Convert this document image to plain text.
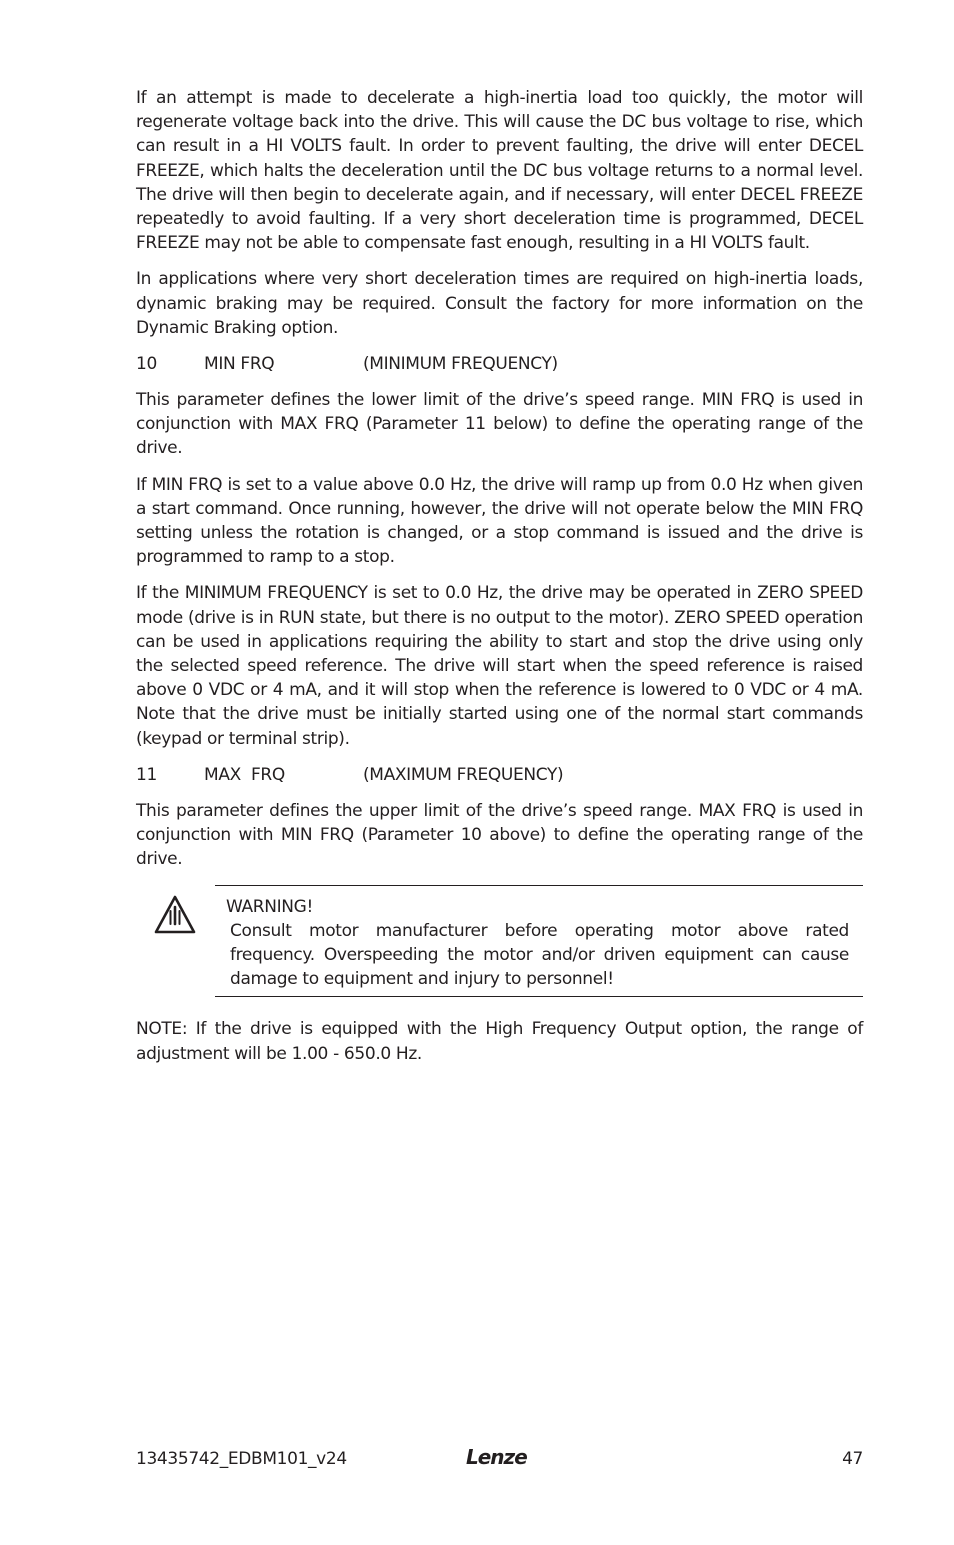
If an attempt is made to decelerate a high-inertia load too quickly, the motor will regenerate voltage back into the drive. This will cause the DC bus voltage to rise, which can result in a HI VOLTS fault. In order to prevent faulting, the drive will enter DECEL FREEZE, which halts the deceleration until the DC bus voltage returns to a normal level. The drive will then begin to decelerate again, and if necessary, will enter DECEL FREEZE repeatedly to avoid faulting. If a very short deceleration time is programmed, DECEL FREEZE may not be able to compensate fast enough, resulting in a HI VOLTS fault.

In applications where very short deceleration times are required on high-inertia loads, dynamic braking may be required. Consult the factory for more information on the Dynamic Braking option.

10	MIN FRQ	(MINIMUM FREQUENCY)

This parameter defines the lower limit of the drive’s speed range. MIN FRQ is used in conjunction with MAX FRQ (Parameter 11 below) to define the operating range of the drive.

If MIN FRQ is set to a value above 0.0 Hz, the drive will ramp up from 0.0 Hz when given a start command. Once running, however, the drive will not operate below the MIN FRQ setting unless the rotation is changed, or a stop command is issued and the drive is programmed to ramp to a stop.

If the MINIMUM FREQUENCY is set to 0.0 Hz, the drive may be operated in ZERO SPEED mode (drive is in RUN state, but there is no output to the motor). ZERO SPEED operation can be used in applications requiring the ability to start and stop the drive using only the selected speed reference. The drive will start when the speed reference is raised above 0 VDC or 4 mA, and it will stop when the reference is lowered to 0 VDC or 4 mA. Note that the drive must be initially started using one of the normal start commands (keypad or terminal strip).

11	MAX  FRQ	(MAXIMUM FREQUENCY)

This parameter defines the upper limit of the drive’s speed range. MAX FRQ is used in conjunction with MIN FRQ (Parameter 10 above) to define the operating range of the drive.

WARNING!
Consult motor manufacturer before operating motor above rated frequency. Overspeeding the motor and/or driven equipment can cause damage to equipment and injury to personnel!

NOTE: If the drive is equipped with the High Frequency Output option, the range of adjustment will be 1.00 - 650.0 Hz.

13435742_EDBM101_v24	Lenze	47
